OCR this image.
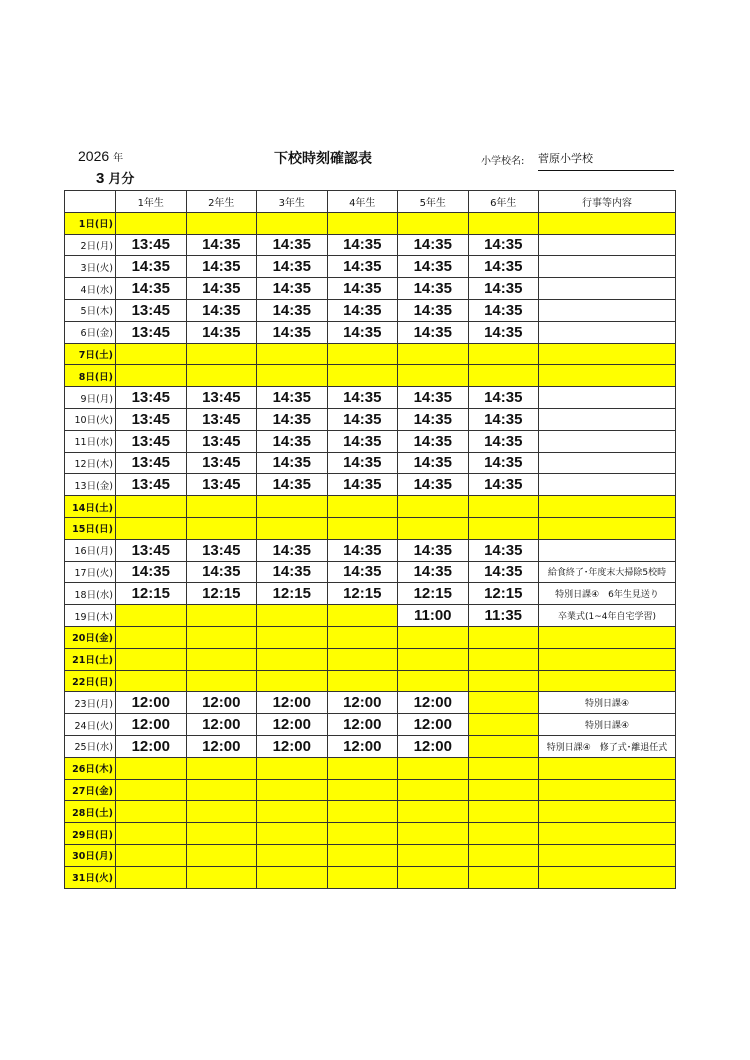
2026 年
3 月分
下校時刻確認表	小学校名: 菅原小学校
	1年生	2年生	3年生	4年生	5年生	6年生	行事等内容
1日(日)							
2日(月)	13:45	14:35	14:35	14:35	14:35	14:35	
3日(火)	14:35	14:35	14:35	14:35	14:35	14:35	
4日(水)	14:35	14:35	14:35	14:35	14:35	14:35	
5日(木)	13:45	14:35	14:35	14:35	14:35	14:35	
6日(金)	13:45	14:35	14:35	14:35	14:35	14:35	
7日(土)							
8日(日)							
9日(月)	13:45	13:45	14:35	14:35	14:35	14:35	
10日(火)	13:45	13:45	14:35	14:35	14:35	14:35	
11日(水)	13:45	13:45	14:35	14:35	14:35	14:35	
12日(木)	13:45	13:45	14:35	14:35	14:35	14:35	
13日(金)	13:45	13:45	14:35	14:35	14:35	14:35	
14日(土)							
15日(日)							
16日(月)	13:45	13:45	14:35	14:35	14:35	14:35	
17日(火)	14:35	14:35	14:35	14:35	14:35	14:35	給食終了･年度末大掃除5校時
18日(水)	12:15	12:15	12:15	12:15	12:15	12:15	特別日課④　6年生見送り
19日(木)					11:00	11:35	卒業式(1~4年自宅学習)
20日(金)							
21日(土)							
22日(日)							
23日(月)	12:00	12:00	12:00	12:00	12:00		特別日課④
24日(火)	12:00	12:00	12:00	12:00	12:00		特別日課④
25日(水)	12:00	12:00	12:00	12:00	12:00		特別日課④　修了式･離退任式
26日(木)							
27日(金)							
28日(土)							
29日(日)							
30日(月)							
31日(火)							
